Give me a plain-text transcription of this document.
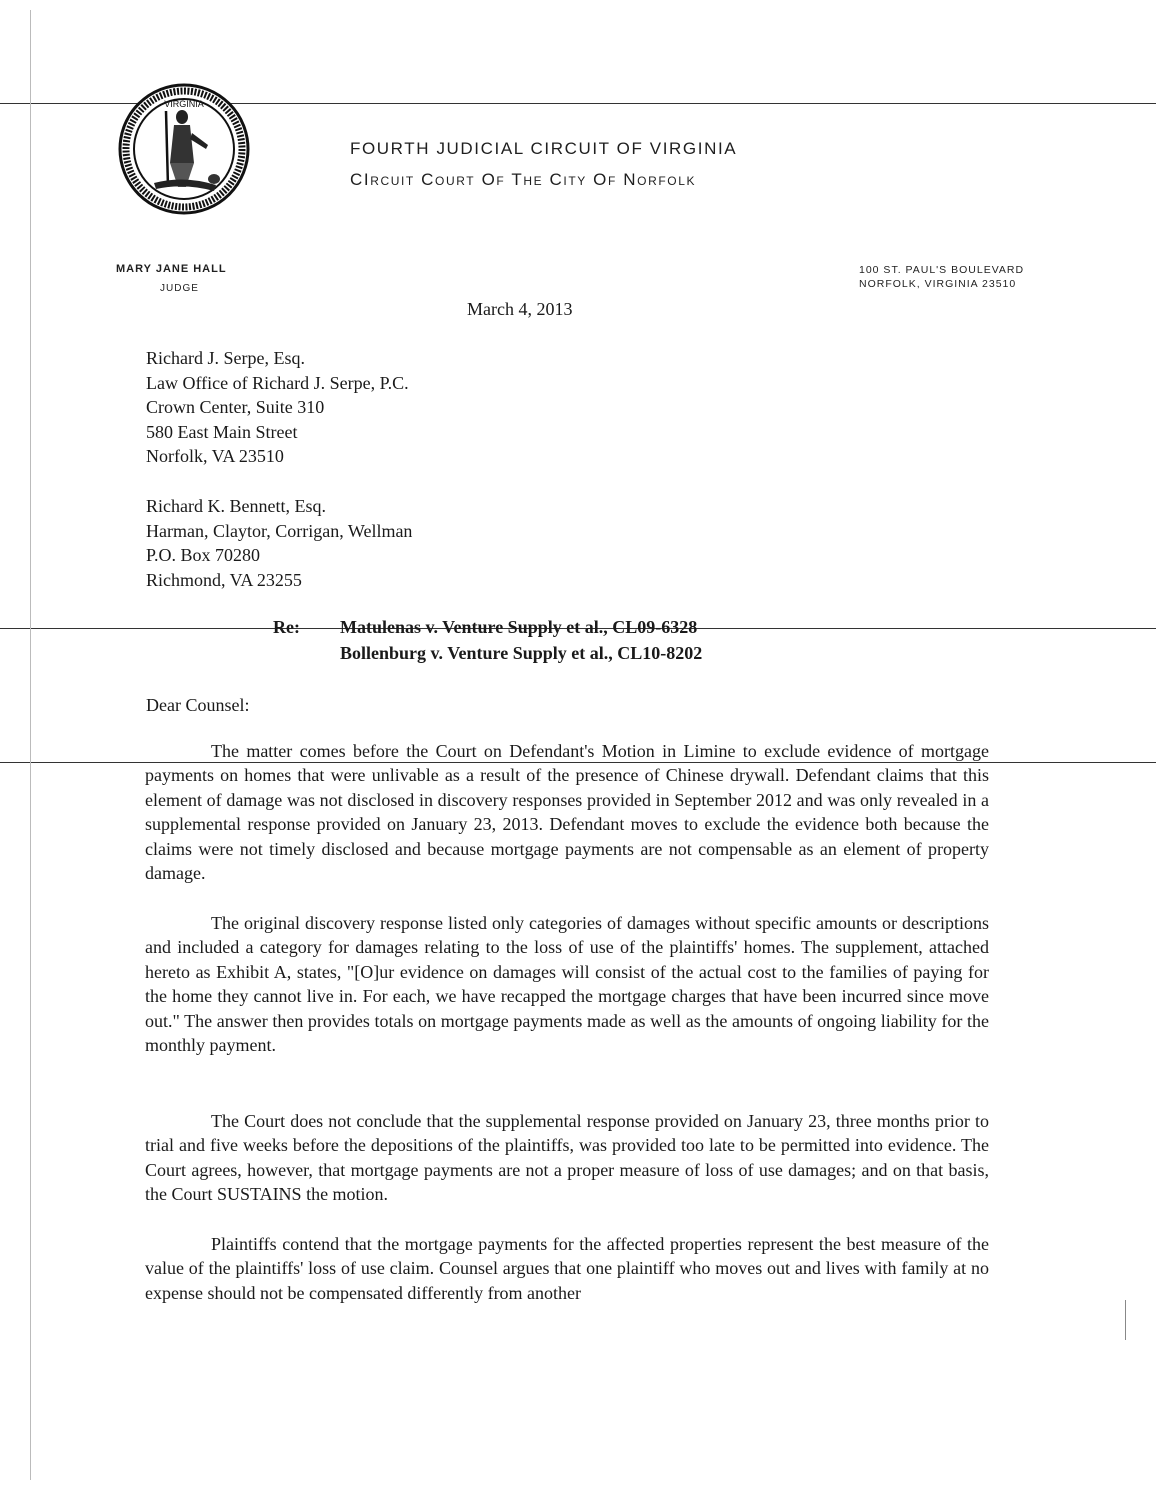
VIRGINIA
FOURTH JUDICIAL CIRCUIT OF VIRGINIA
CIrcuit Court Of The City Of Norfolk
MARY JANE HALL
JUDGE
100 ST. PAUL'S BOULEVARD
NORFOLK, VIRGINIA 23510
March 4, 2013
Richard J. Serpe, Esq.
Law Office of Richard J. Serpe, P.C.
Crown Center, Suite 310
580 East Main Street
Norfolk, VA 23510
Richard K. Bennett, Esq.
Harman, Claytor, Corrigan, Wellman
P.O. Box 70280
Richmond, VA 23255
Re: Matulenas v. Venture Supply et al., CL09-6328
Bollenburg v. Venture Supply et al., CL10-8202
Dear Counsel:

The matter comes before the Court on Defendant's Motion in Limine to exclude evidence of mortgage payments on homes that were unlivable as a result of the presence of Chinese drywall. Defendant claims that this element of damage was not disclosed in discovery responses provided in September 2012 and was only revealed in a supplemental response provided on January 23, 2013. Defendant moves to exclude the evidence both because the claims were not timely disclosed and because mortgage payments are not compensable as an element of property damage.

The original discovery response listed only categories of damages without specific amounts or descriptions and included a category for damages relating to the loss of use of the plaintiffs' homes. The supplement, attached hereto as Exhibit A, states, "[O]ur evidence on damages will consist of the actual cost to the families of paying for the home they cannot live in. For each, we have recapped the mortgage charges that have been incurred since move out." The answer then provides totals on mortgage payments made as well as the amounts of ongoing liability for the monthly payment.

The Court does not conclude that the supplemental response provided on January 23, three months prior to trial and five weeks before the depositions of the plaintiffs, was provided too late to be permitted into evidence. The Court agrees, however, that mortgage payments are not a proper measure of loss of use damages; and on that basis, the Court SUSTAINS the motion.

Plaintiffs contend that the mortgage payments for the affected properties represent the best measure of the value of the plaintiffs' loss of use claim. Counsel argues that one plaintiff who moves out and lives with family at no expense should not be compensated differently from another
